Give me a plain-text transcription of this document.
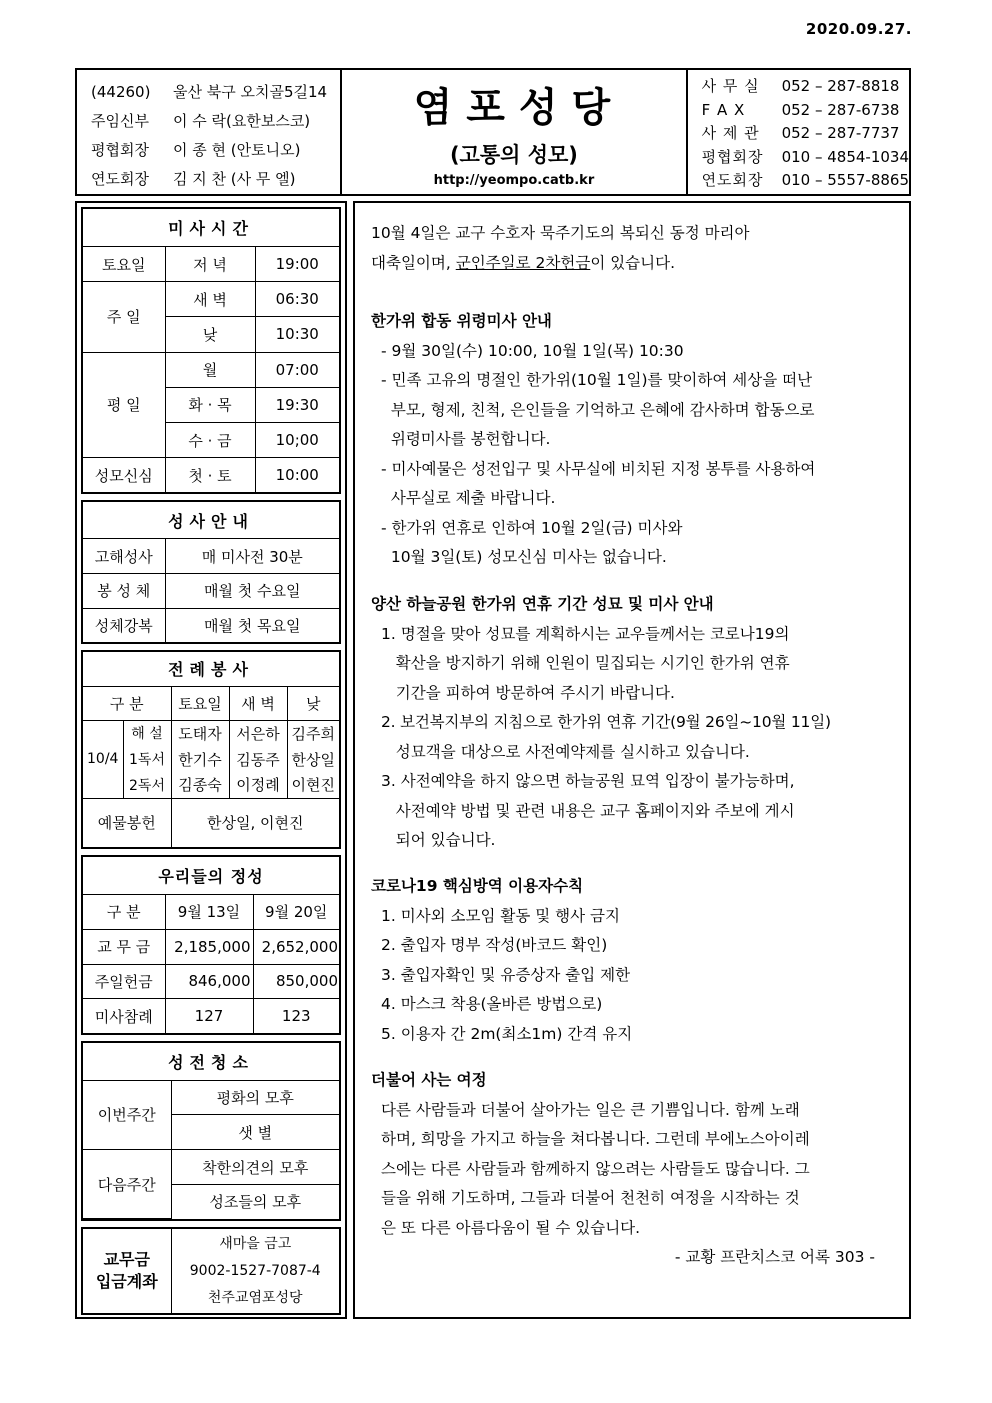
2020.09.27.
(44260) 울산 북구 오치골5길14
주임신부 이 수 락(요한보스코)
평협회장 이 종 현 (안토니오)
연도회장 김 지 찬 (사 무 엘)
염포성당
(고통의 성모)
http://yeompo.catb.kr
사 무 실 052 – 287-8818
F A X 052 – 287-6738
사 제 관 052 – 287-7737
평협회장 010 – 4854-1034
연도회장 010 – 5557-8865
미사시간		
토요일	저 녁	19:00
주 일	새 벽	06:30
	낮	10:30
평 일	월	07:00
	화 · 목	19:30
	수 · 금	10;00
성모신심	첫 · 토	10:00
성사안내	
고해성사	매 미사전 30분
봉 성 체	매월 첫 수요일
성체강복	매월 첫 목요일
전례봉사				
구 분		토요일	새 벽	낮
10/4	해 설	도태자	서은하	김주희
	1독서	한기수	김동주	한상일
	2독서	김종숙	이정례	이현진
예물봉헌		한상일, 이현진		
우리들의 정성		
구 분	9월 13일	9월 20일
교 무 금	2,185,000	2,652,000
주일헌금	846,000	850,000
미사참례	127	123
성전청소	
이번주간	평화의 모후
	샛 별
다음주간	착한의견의 모후
	성조들의 모후
교무금
입금계좌

새마을 금고
9002-1527-7087-4
천주교염포성당
10월 4일은 교구 수호자 묵주기도의 복되신 동정 마리아
대축일이며, 군인주일로 2차헌금이 있습니다.
한가위 합동 위령미사 안내
- 9월 30일(수) 10:00, 10월 1일(목) 10:30
- 민족 고유의 명절인 한가위(10월 1일)를 맞이하여 세상을 떠난
부모, 형제, 친척, 은인들을 기억하고 은혜에 감사하며 합동으로
위령미사를 봉헌합니다.
- 미사예물은 성전입구 및 사무실에 비치된 지정 봉투를 사용하여
사무실로 제출 바랍니다.
- 한가위 연휴로 인하여 10월 2일(금) 미사와
10월 3일(토) 성모신심 미사는 없습니다.
양산 하늘공원 한가위 연휴 기간 성묘 및 미사 안내
1. 명절을 맞아 성묘를 계획하시는 교우들께서는 코로나19의
확산을 방지하기 위해 인원이 밀집되는 시기인 한가위 연휴
기간을 피하여 방문하여 주시기 바랍니다.
2. 보건복지부의 지침으로 한가위 연휴 기간(9월 26일~10월 11일)
성묘객을 대상으로 사전예약제를 실시하고 있습니다.
3. 사전예약을 하지 않으면 하늘공원 묘역 입장이 불가능하며,
사전예약 방법 및 관련 내용은 교구 홈페이지와 주보에 게시
되어 있습니다.
코로나19 핵심방역 이용자수칙
1. 미사외 소모임 활동 및 행사 금지
2. 출입자 명부 작성(바코드 확인)
3. 출입자확인 및 유증상자 출입 제한
4. 마스크 착용(올바른 방법으로)
5. 이용자 간 2m(최소1m) 간격 유지
더불어 사는 여정
다른 사람들과 더불어 살아가는 일은 큰 기쁨입니다. 함께 노래
하며, 희망을 가지고 하늘을 쳐다봅니다. 그런데 부에노스아이레
스에는 다른 사람들과 함께하지 않으려는 사람들도 많습니다. 그
들을 위해 기도하며, 그들과 더불어 천천히 여정을 시작하는 것
은 또 다른 아름다움이 될 수 있습니다.
- 교황 프란치스코 어록 303 -
